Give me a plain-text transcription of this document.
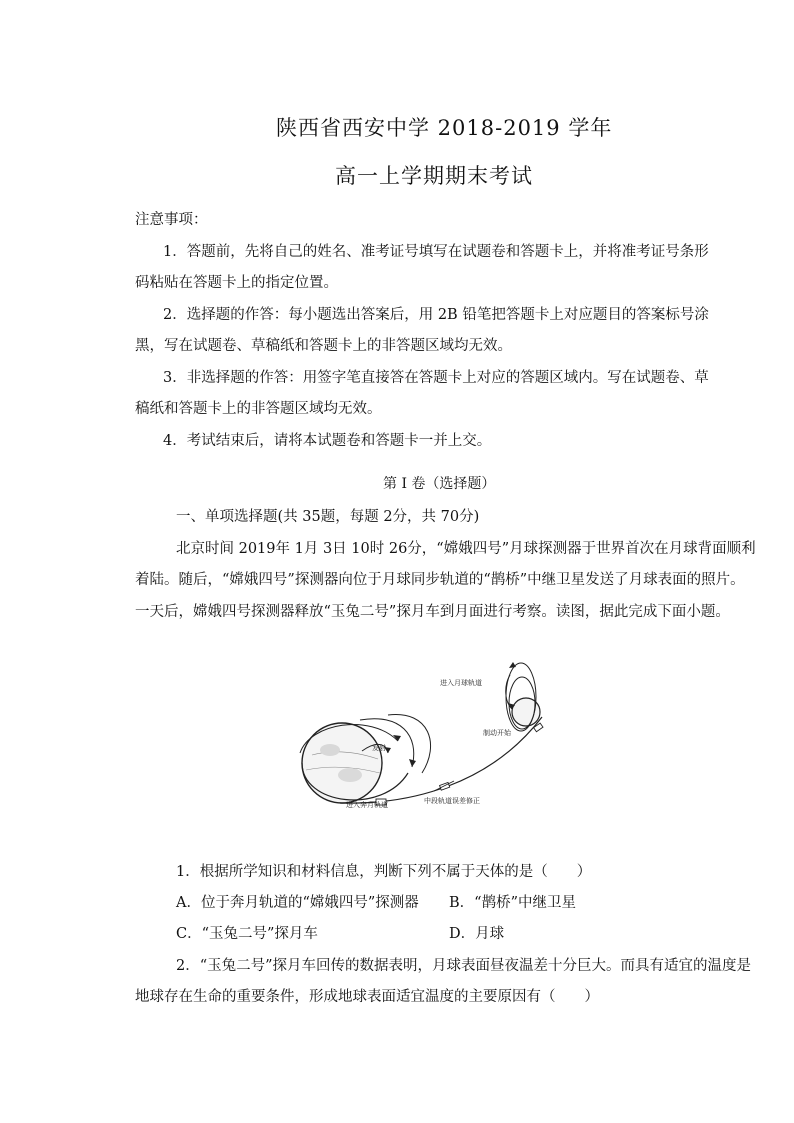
陕西省西安中学 2018-2019 学年
高一上学期期末考试
注意事项：
1．答题前，先将自己的姓名、准考证号填写在试题卷和答题卡上，并将准考证号条形
码粘贴在答题卡上的指定位置。
2．选择题的作答：每小题选出答案后，用 2B 铅笔把答题卡上对应题目的答案标号涂
黑，写在试题卷、草稿纸和答题卡上的非答题区域均无效。
3．非选择题的作答：用签字笔直接答在答题卡上对应的答题区域内。写在试题卷、草
稿纸和答题卡上的非答题区域均无效。
4．考试结束后，请将本试题卷和答题卡一并上交。
第 I 卷（选择题）
一、单项选择题(共 35题，每题 2分，共 70分)
北京时间 2019年 1月 3日 10时 26分，“嫦娥四号”月球探测器于世界首次在月球背面顺利
着陆。随后，“嫦娥四号”探测器向位于月球同步轨道的“鹊桥”中继卫星发送了月球表面的照片。
一天后，嫦娥四号探测器释放“玉兔二号”探月车到月面进行考察。读图，据此完成下面小题。
发射
进入奔月轨道	中段轨道误差修正
进入月球轨道
制动开始
1．根据所学知识和材料信息，判断下列不属于天体的是（　　）
A．位于奔月轨道的“嫦娥四号”探测器 B．“鹊桥”中继卫星
C．“玉兔二号”探月车	D．月球
2．“玉兔二号”探月车回传的数据表明，月球表面昼夜温差十分巨大。而具有适宜的温度是
地球存在生命的重要条件，形成地球表面适宜温度的主要原因有（　　）
